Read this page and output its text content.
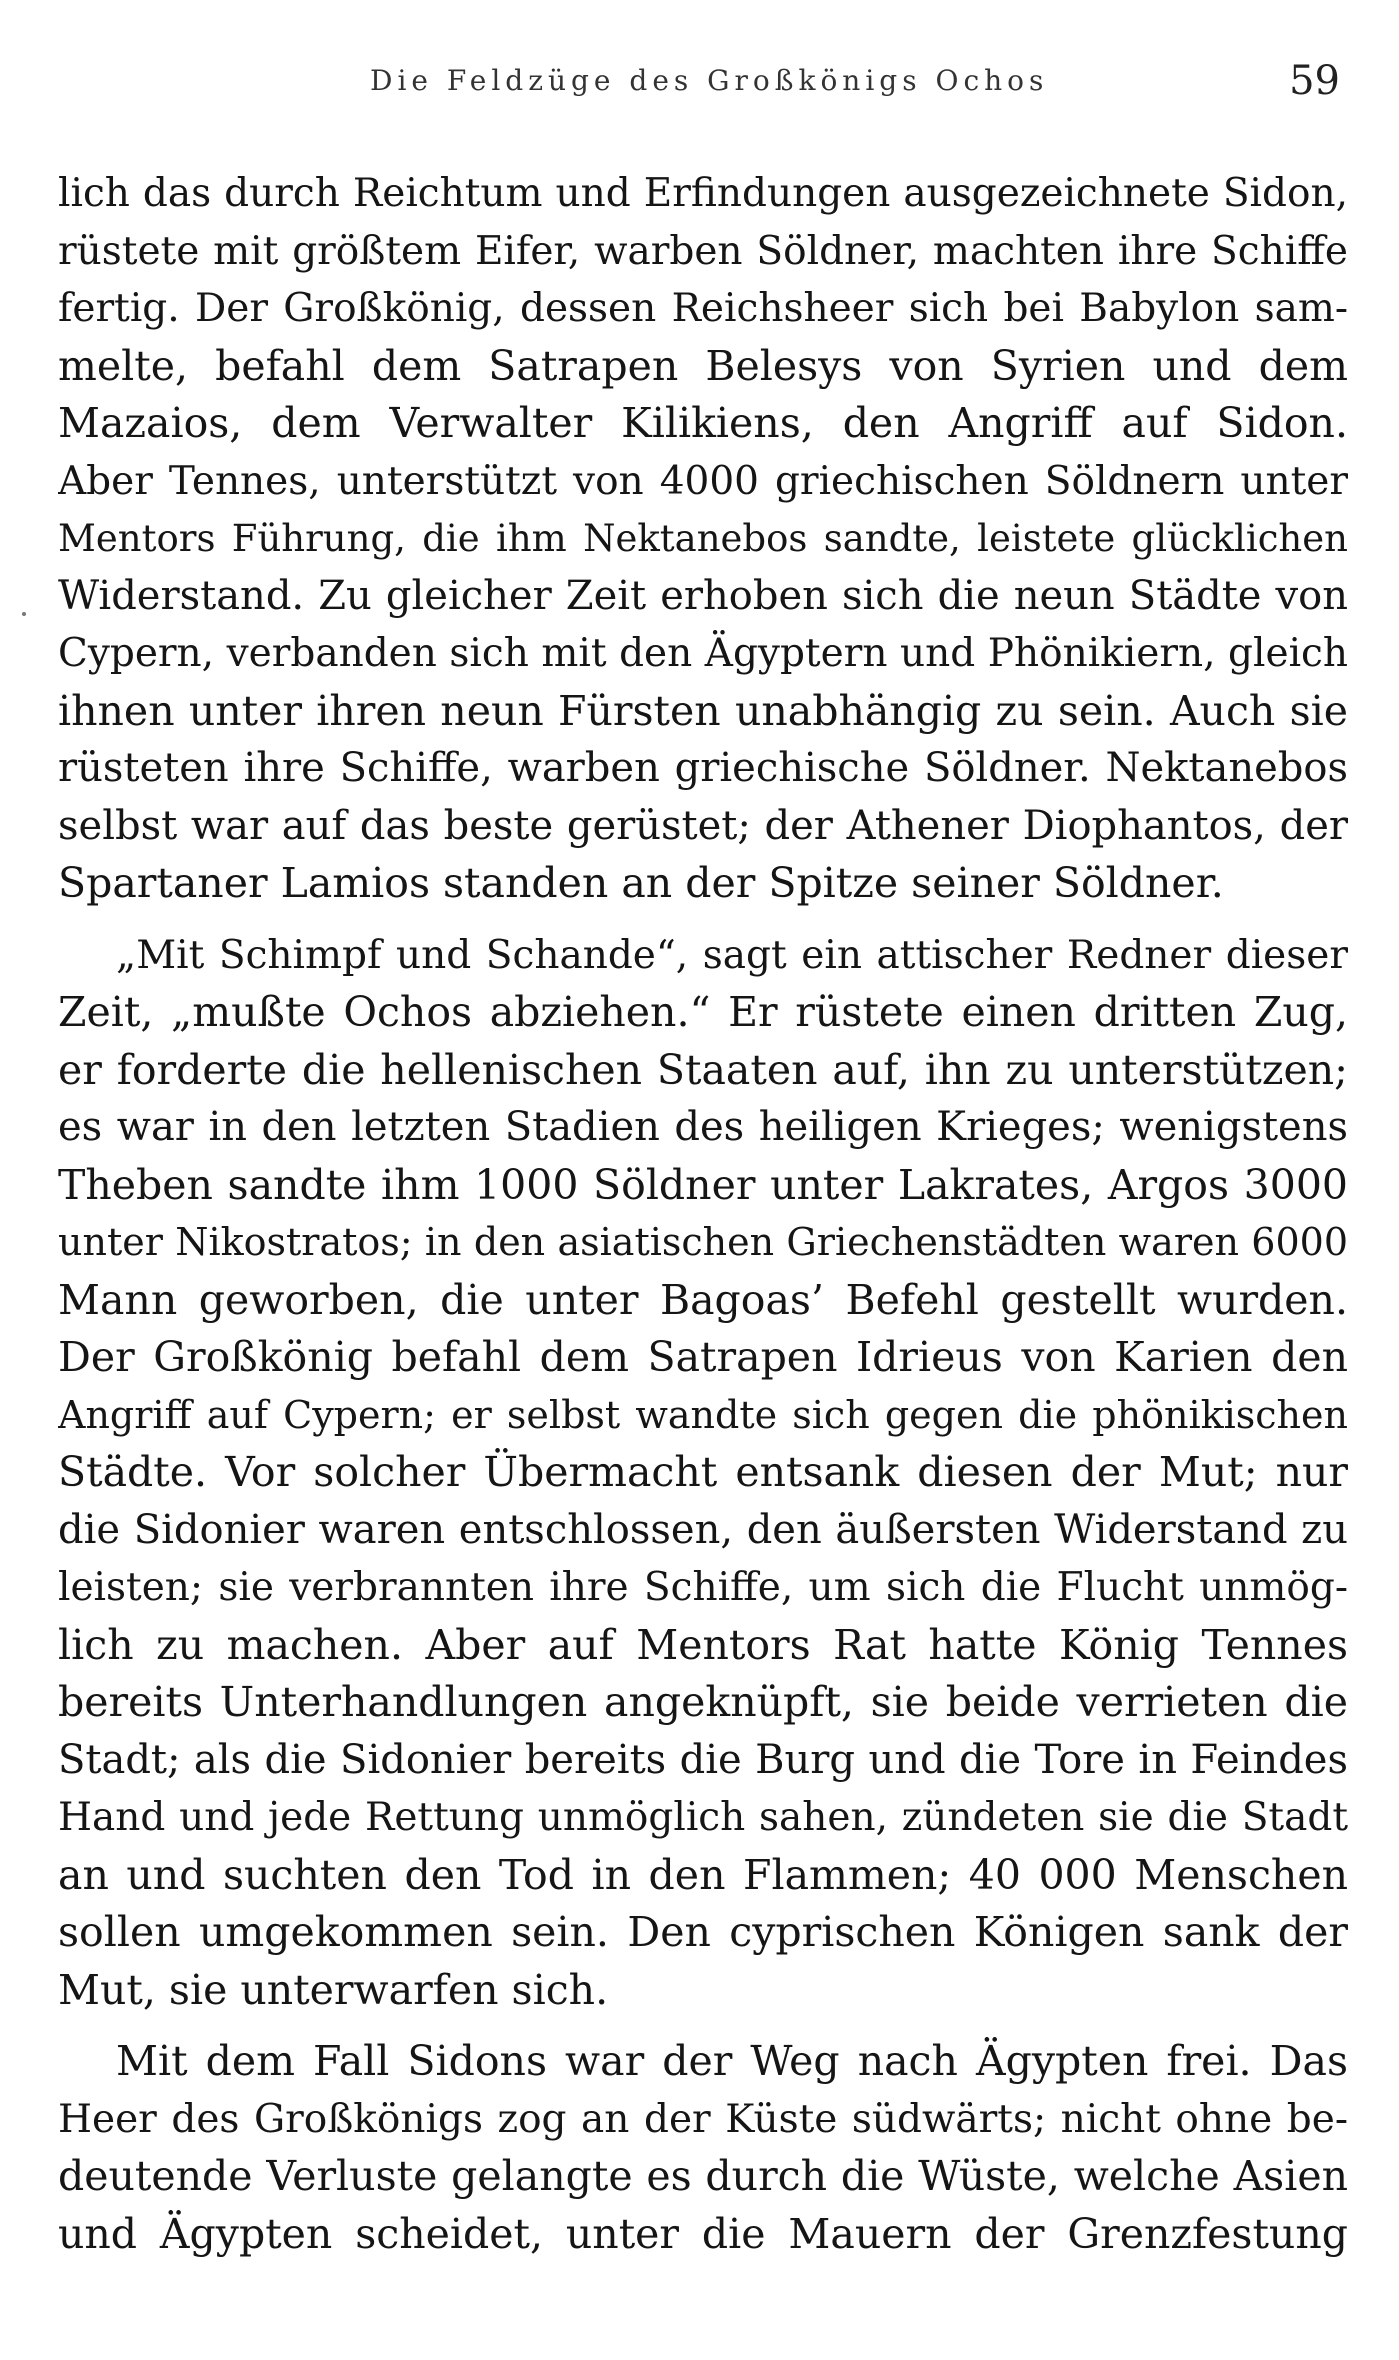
Die Feldzüge des Großkönigs Ochos	59
lich das durch Reichtum und Erfindungen ausgezeichnete Sidon,
rüstete mit größtem Eifer, warben Söldner, machten ihre Schiffe
fertig. Der Großkönig, dessen Reichsheer sich bei Babylon sam-
melte, befahl dem Satrapen Belesys von Syrien und dem
Mazaios, dem Verwalter Kilikiens, den Angriff auf Sidon.
Aber Tennes, unterstützt von 4000 griechischen Söldnern unter
Mentors Führung, die ihm Nektanebos sandte, leistete glücklichen
Widerstand. Zu gleicher Zeit erhoben sich die neun Städte von
Cypern, verbanden sich mit den Ägyptern und Phönikiern, gleich
ihnen unter ihren neun Fürsten unabhängig zu sein. Auch sie
rüsteten ihre Schiffe, warben griechische Söldner. Nektanebos
selbst war auf das beste gerüstet; der Athener Diophantos, der
Spartaner Lamios standen an der Spitze seiner Söldner.
„Mit Schimpf und Schande“, sagt ein attischer Redner dieser
Zeit, „mußte Ochos abziehen.“ Er rüstete einen dritten Zug,
er forderte die hellenischen Staaten auf, ihn zu unterstützen;
es war in den letzten Stadien des heiligen Krieges; wenigstens
Theben sandte ihm 1000 Söldner unter Lakrates, Argos 3000
unter Nikostratos; in den asiatischen Griechenstädten waren 6000
Mann geworben, die unter Bagoas’ Befehl gestellt wurden.
Der Großkönig befahl dem Satrapen Idrieus von Karien den
Angriff auf Cypern; er selbst wandte sich gegen die phönikischen
Städte. Vor solcher Übermacht entsank diesen der Mut; nur
die Sidonier waren entschlossen, den äußersten Widerstand zu
leisten; sie verbrannten ihre Schiffe, um sich die Flucht unmög-
lich zu machen. Aber auf Mentors Rat hatte König Tennes
bereits Unterhandlungen angeknüpft, sie beide verrieten die
Stadt; als die Sidonier bereits die Burg und die Tore in Feindes
Hand und jede Rettung unmöglich sahen, zündeten sie die Stadt
an und suchten den Tod in den Flammen; 40 000 Menschen
sollen umgekommen sein. Den cyprischen Königen sank der
Mut, sie unterwarfen sich.
Mit dem Fall Sidons war der Weg nach Ägypten frei. Das
Heer des Großkönigs zog an der Küste südwärts; nicht ohne be-
deutende Verluste gelangte es durch die Wüste, welche Asien
und Ägypten scheidet, unter die Mauern der Grenzfestung
